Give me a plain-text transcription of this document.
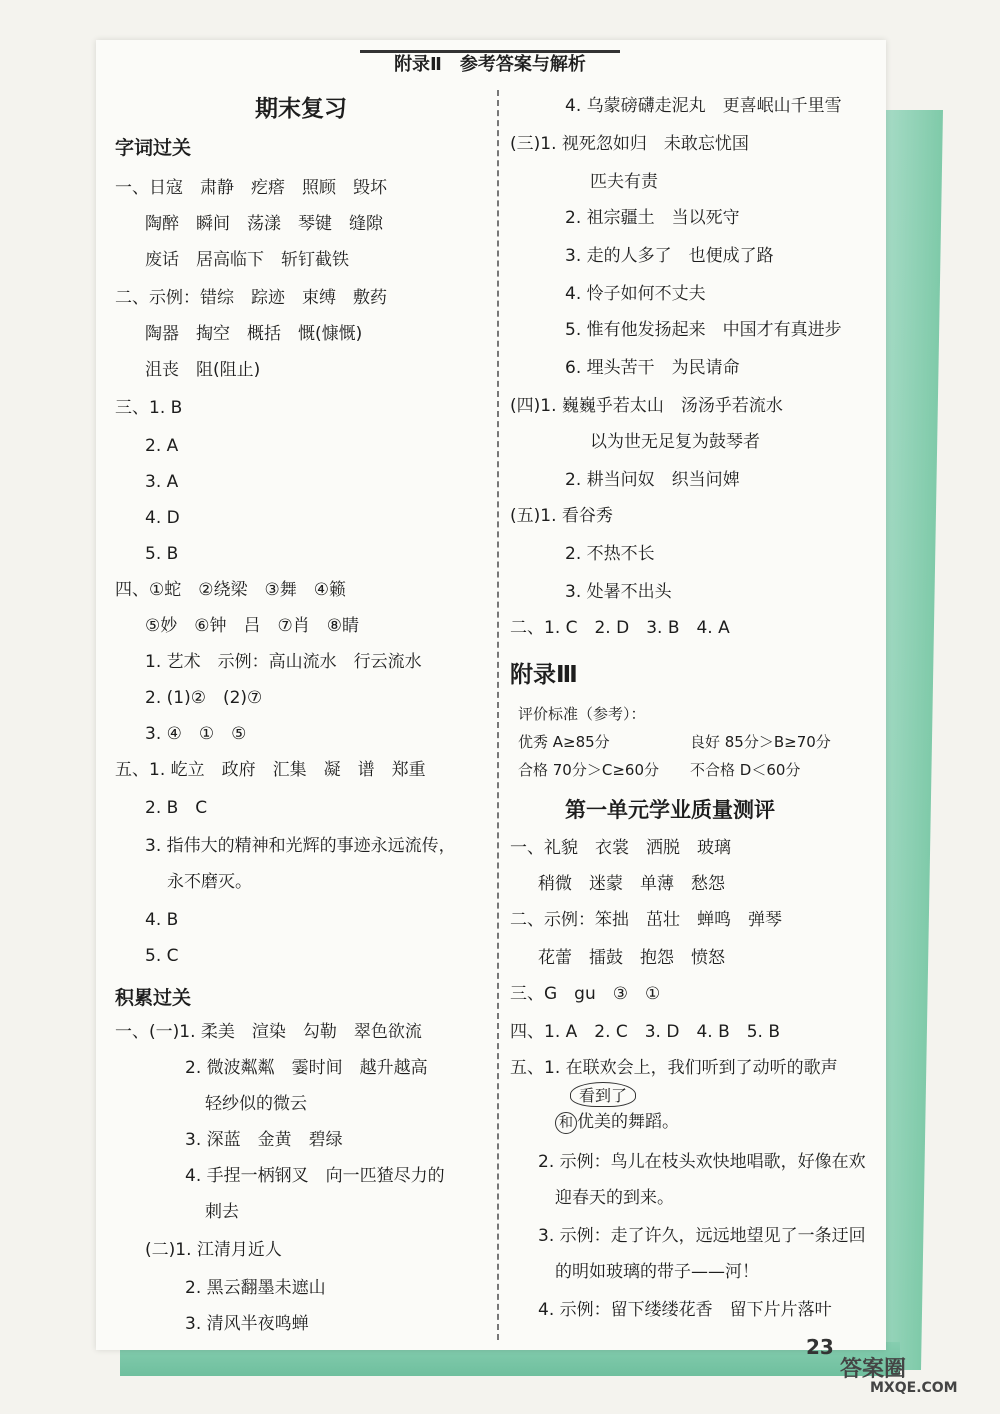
附录Ⅱ　参考答案与解析
期末复习
字词过关
一、日寇　肃静　疙瘩　照顾　毁坏
陶醉　瞬间　荡漾　琴键　缝隙
废话　居高临下　斩钉截铁
二、示例：错综　踪迹　束缚　敷药
陶器　掏空　概括　慨(慷慨)
沮丧　阻(阻止)
三、1. B
2. A
3. A
4. D
5. B
四、①蛇　②绕梁　③舞　④籁
⑤妙　⑥钟　吕　⑦肖　⑧睛
1. 艺术　示例：高山流水　行云流水
2. (1)②　(2)⑦
3. ④　①　⑤
五、1. 屹立　政府　汇集　凝　谱　郑重
2. B　C
3. 指伟大的精神和光辉的事迹永远流传，
永不磨灭。
4. B
5. C
积累过关
一、(一)1. 柔美　渲染　勾勒　翠色欲流
2. 微波粼粼　霎时间　越升越高
轻纱似的微云
3. 深蓝　金黄　碧绿
4. 手捏一柄钢叉　向一匹猹尽力的
刺去
(二)1. 江清月近人
2. 黑云翻墨未遮山
3. 清风半夜鸣蝉
4. 乌蒙磅礴走泥丸　更喜岷山千里雪
(三)1. 视死忽如归　未敢忘忧国
匹夫有责
2. 祖宗疆土　当以死守
3. 走的人多了　也便成了路
4. 怜子如何不丈夫
5. 惟有他发扬起来　中国才有真进步
6. 埋头苦干　为民请命
(四)1. 巍巍乎若太山　汤汤乎若流水
以为世无足复为鼓琴者
2. 耕当问奴　织当问婢
(五)1. 看谷秀
2. 不热不长
3. 处暑不出头
二、1. C　2. D　3. B　4. A
附录Ⅲ
评价标准（参考）：
优秀 A≥85分	良好 85分＞B≥70分
合格 70分＞C≥60分 不合格 D＜60分
第一单元学业质量测评
一、礼貌　衣裳　洒脱　玻璃
稍微　迷蒙　单薄　愁怨
二、示例：笨拙　茁壮　蝉鸣　弹琴
花蕾　擂鼓　抱怨　愤怒
三、G　gu　③　①
四、1. A　2. C　3. D　4. B　5. B
五、1. 在联欢会上，我们听到了动听的歌声
看到了
和 优美的舞蹈。
2. 示例：鸟儿在枝头欢快地唱歌，好像在欢
迎春天的到来。
3. 示例：走了许久，远远地望见了一条迂回
的明如玻璃的带子——河！
4. 示例：留下缕缕花香　留下片片落叶
23
答案圈
MXQE.COM
